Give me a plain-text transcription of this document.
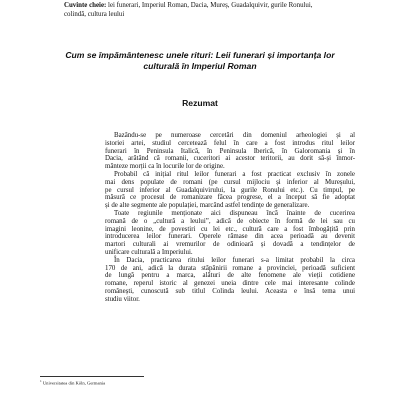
Cuvinte cheie: lei funerari, Imperiul Roman, Dacia, Mureș, Guadalquivir, gurile Ronului,
colindă, cultura leului
Cum se împământenesc unele rituri: Leii funerari și importanța lor
culturală în Imperiul Roman
Rezumat
Bazându-se pe numeroase cercetări din domeniul arheologiei și al
istoriei artei, studiul cercetează felul în care a fost introdus ritul leilor
funerari în Peninsula Italică, în Peninsula Iberică, în Galoromania și în
Dacia, arătând că romanii, cuceritori ai acestor teritorii, au dorit să-și înmor-
mânteze morții ca în locurile lor de origine.
Probabil că inițial ritul leilor funerari a fost practicat exclusiv în zonele
mai dens populate de romani (pe cursul mijlociu și inferior al Mureșului,
pe cursul inferior al Guadalquivirului, la gurile Ronului etc.). Cu timpul, pe
măsură ce procesul de romanizare făcea progrese, el a început să fie adoptat
și de alte segmente ale populației, marcând astfel tendințe de generalizare.
Toate regiunile menționate aici dispuneau încă înainte de cucerirea
romană de o „cultură a leului”, adică de obiecte în formă de lei sau cu
imagini leonine, de povestiri cu lei etc., cultură care a fost îmbogățită prin
introducerea leilor funerari. Operele rămase din acea perioadă au devenit
martori culturali ai vremurilor de odinioară și dovadă a tendințelor de
unificare culturală a Imperiului.
În Dacia, practicarea ritului leilor funerari s-a limitat probabil la circa
170 de ani, adică la durata stăpânirii romane a provinciei, perioadă suficient
de lungă pentru a marca, alături de alte fenomene ale vieții cotidiene
romane, reperul istoric al genezei uneia dintre cele mai interesante colinde
românești, cunoscută sub titlul Colinda leului. Aceasta e însă tema unui
studiu viitor.
$^1$ Universitatea din Köln, Germania
